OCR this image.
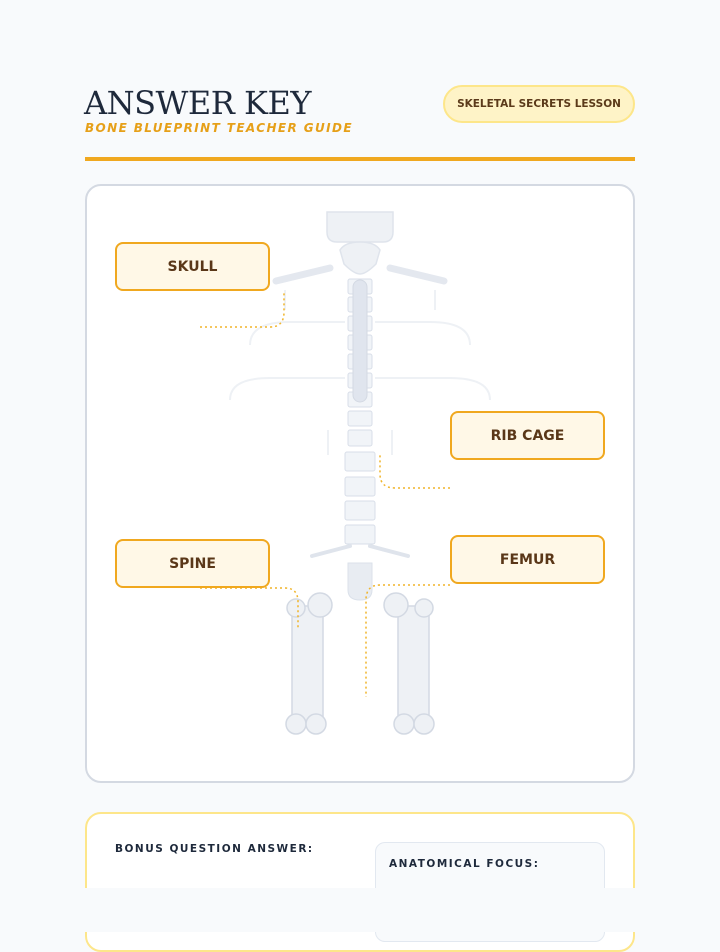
ANSWER KEY
BONE BLUEPRINT TEACHER GUIDE
SKELETAL SECRETS LESSON
SKULL
RIB CAGE
SPINE	FEMUR
BONUS QUESTION ANSWER:
ANATOMICAL FOCUS:
